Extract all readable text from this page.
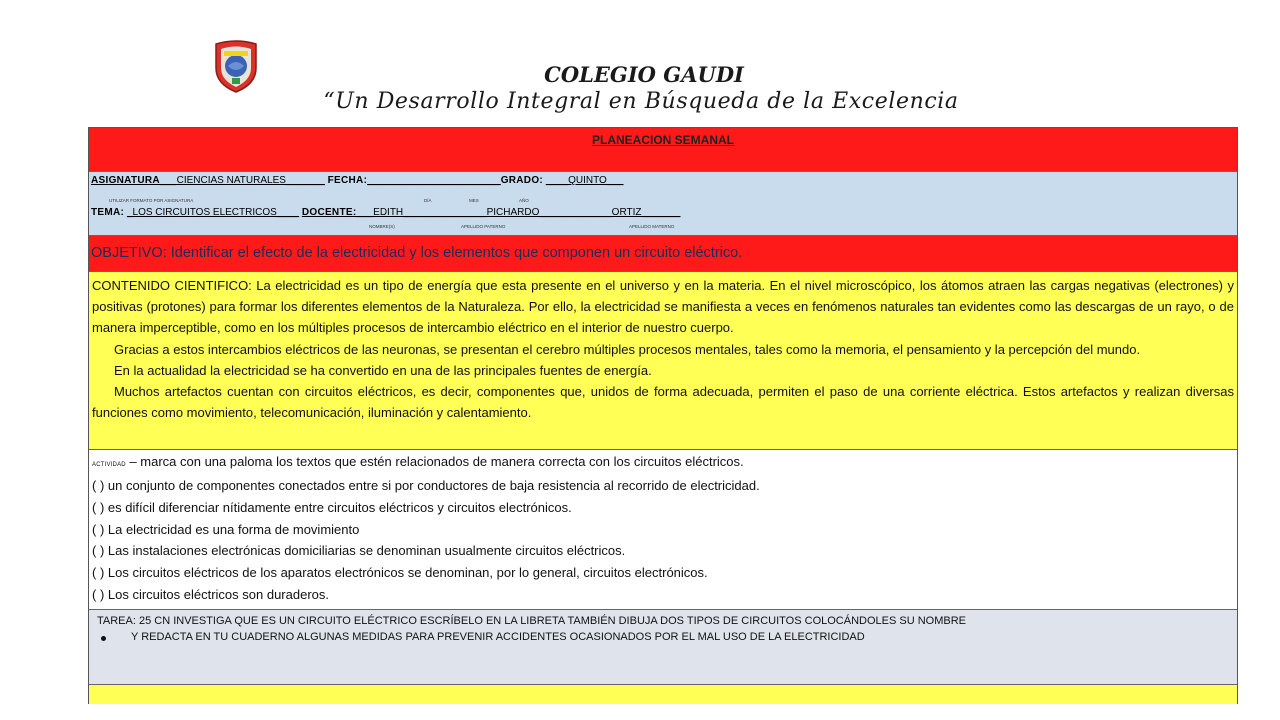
COLEGIO GAUDI
“Un Desarrollo Integral en Búsqueda de la Excelencia
PLANEACION SEMANAL
ASIGNATURA___CIENCIAS NATURALES_______ FECHA:________________________GRADO: ____QUINTO___
UTILIZAR FORMATO POR ASIGNATURA	DÍA	MES	AÑO
TEMA: _LOS CIRCUITOS ELECTRICOS____ DOCENTE:___EDITH_______________PICHARDO_____________ORTIZ_______
NOMBRE(S)	APELLIDO PATERNO	APELLIDO MATERNO
OBJETIVO: Identificar el efecto de la electricidad y los elementos que componen un circuito eléctrico.

CONTENIDO CIENTIFICO: La electricidad es un tipo de energía que esta presente en el universo y en la materia. En el nivel microscópico, los átomos atraen las cargas negativas (electrones) y positivas (protones) para formar los diferentes elementos de la Naturaleza. Por ello, la electricidad se manifiesta a veces en fenómenos naturales tan evidentes como las descargas de un rayo, o de manera imperceptible, como en los múltiples procesos de intercambio eléctrico en el interior de nuestro cuerpo.

Gracias a estos intercambios eléctricos de las neuronas, se presentan el cerebro múltiples procesos mentales, tales como la memoria, el pensamiento y la percepción del mundo.

En la actualidad la electricidad se ha convertido en una de las principales fuentes de energía.

Muchos artefactos cuentan con circuitos eléctricos, es decir, componentes que, unidos de forma adecuada, permiten el paso de una corriente eléctrica. Estos artefactos y realizan diversas funciones como movimiento, telecomunicación, iluminación y calentamiento.

ACTIVIDAD – marca con una paloma los textos que estén relacionados de manera correcta con los circuitos eléctricos.
( ) un conjunto de componentes conectados entre si por conductores de baja resistencia al recorrido de electricidad.
( ) es difícil diferenciar nítidamente entre circuitos eléctricos y circuitos electrónicos.
( ) La electricidad es una forma de movimiento
( ) Las instalaciones electrónicas domiciliarias se denominan usualmente circuitos eléctricos.
( ) Los circuitos eléctricos de los aparatos electrónicos se denominan, por lo general, circuitos electrónicos.
( ) Los circuitos eléctricos son duraderos.
TAREA: 25 CN INVESTIGA QUE ES UN CIRCUITO ELÉCTRICO ESCRÍBELO EN LA LIBRETA TAMBIÉN DIBUJA DOS TIPOS DE CIRCUITOS COLOCÁNDOLES SU NOMBRE
Y REDACTA EN TU CUADERNO ALGUNAS MEDIDAS PARA PREVENIR ACCIDENTES OCASIONADOS POR EL MAL USO DE LA ELECTRICIDAD
